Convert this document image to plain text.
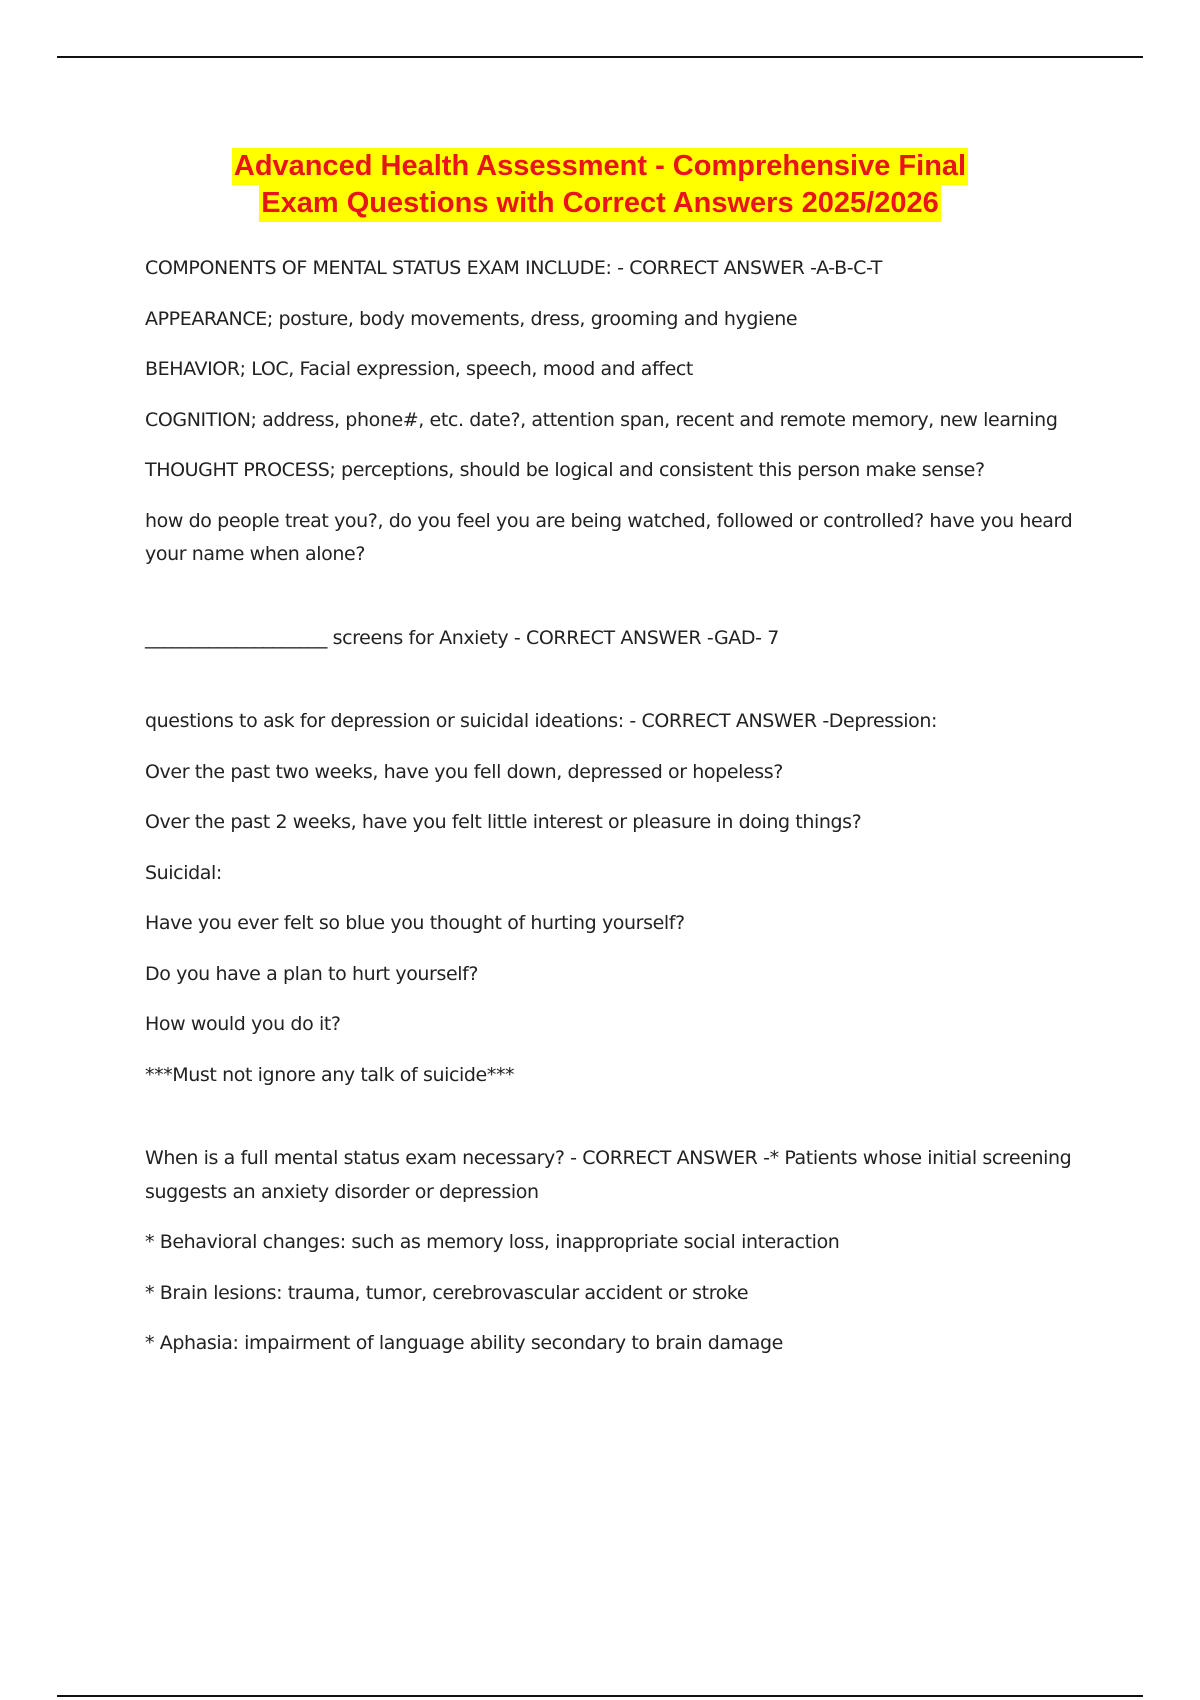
Advanced Health Assessment - Comprehensive Final
Exam Questions with Correct Answers 2025/2026

COMPONENTS OF MENTAL STATUS EXAM INCLUDE: - CORRECT ANSWER -A-B-C-T

APPEARANCE; posture, body movements, dress, grooming and hygiene

BEHAVIOR; LOC, Facial expression, speech, mood and affect

COGNITION; address, phone#, etc. date?, attention span, recent and remote memory, new learning

THOUGHT PROCESS; perceptions, should be logical and consistent this person make sense?

how do people treat you?, do you feel you are being watched, followed or controlled? have you heard your name when alone?

____________________ screens for Anxiety - CORRECT ANSWER -GAD- 7

questions to ask for depression or suicidal ideations: - CORRECT ANSWER -Depression:

Over the past two weeks, have you fell down, depressed or hopeless?

Over the past 2 weeks, have you felt little interest or pleasure in doing things?

Suicidal:

Have you ever felt so blue you thought of hurting yourself?

Do you have a plan to hurt yourself?

How would you do it?

***Must not ignore any talk of suicide***

When is a full mental status exam necessary? - CORRECT ANSWER -* Patients whose initial screening suggests an anxiety disorder or depression

* Behavioral changes: such as memory loss, inappropriate social interaction

* Brain lesions: trauma, tumor, cerebrovascular accident or stroke

* Aphasia: impairment of language ability secondary to brain damage
